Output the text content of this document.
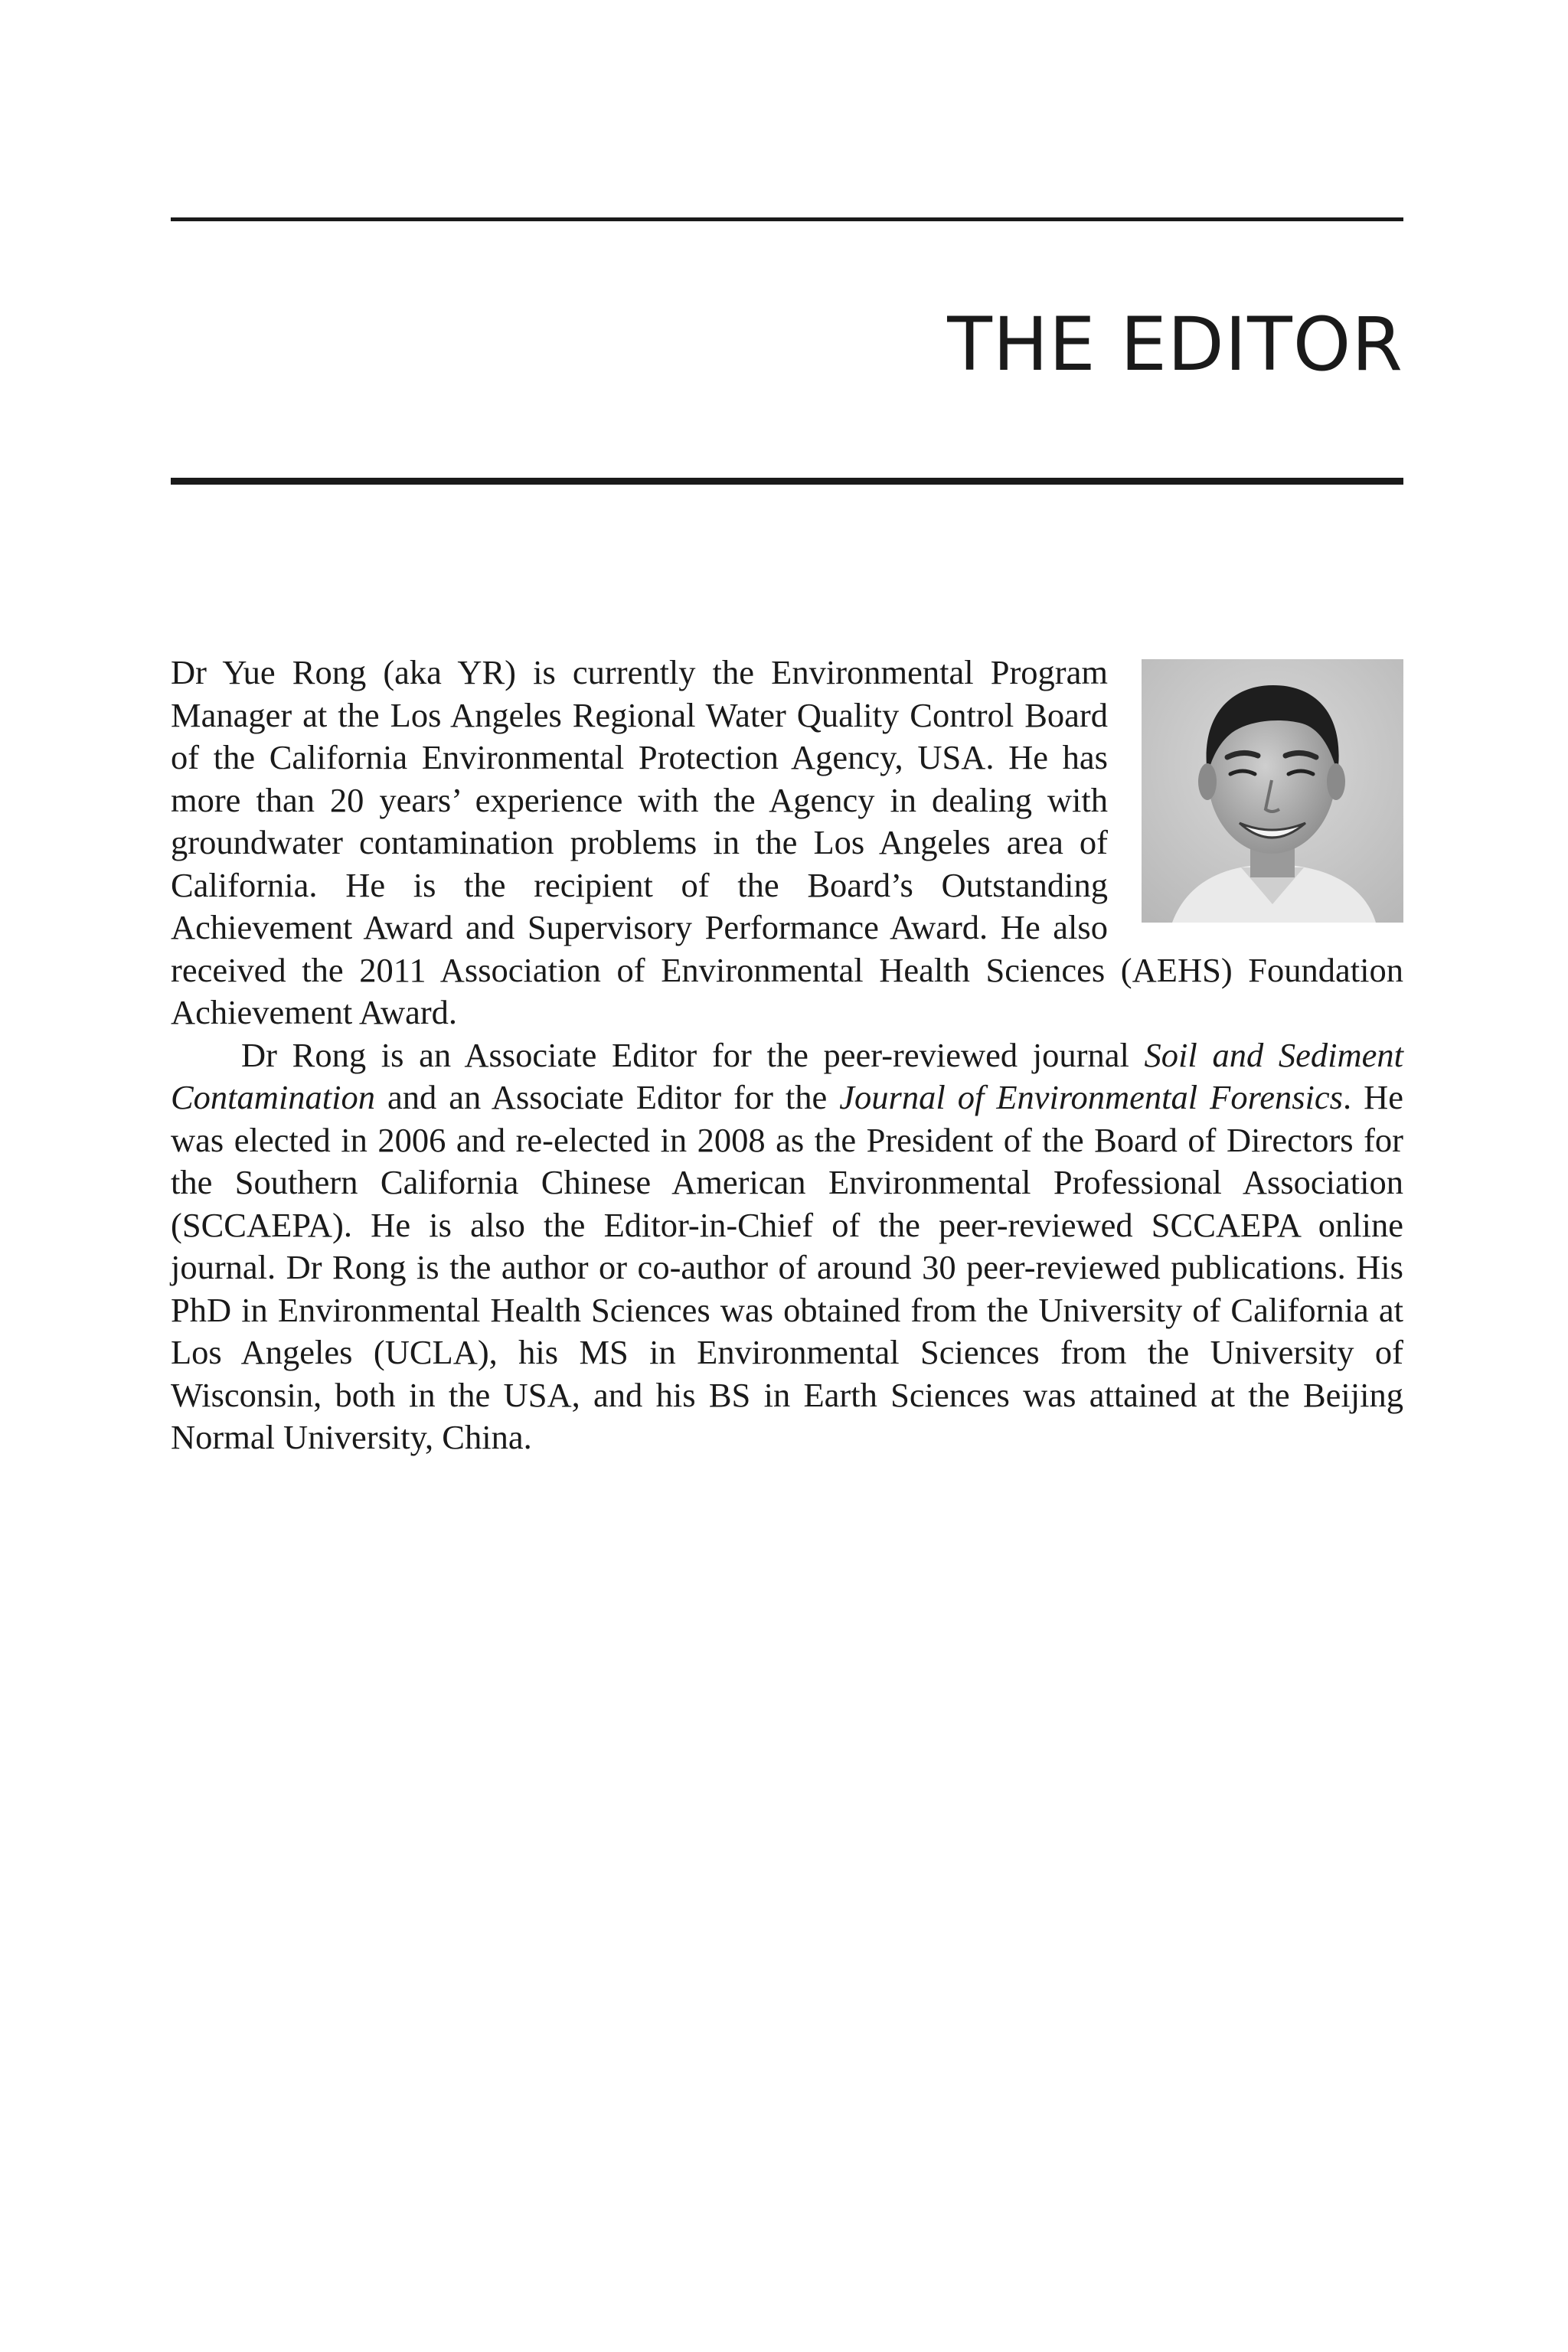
THE EDITOR

Dr Yue Rong (aka YR) is currently the Environmental Program Manager at the Los Angeles Regional Water Quality Control Board of the California Environmental Protection Agency, USA. He has more than 20 years’ experience with the Agency in dealing with groundwater contamination problems in the Los Angeles area of California. He is the recipient of the Board’s Outstanding Achievement Award and Supervisory Performance Award. He also received the 2011 Association of Environmental Health Sciences (AEHS) Foundation Achievement Award.

Dr Rong is an Associate Editor for the peer-reviewed journal Soil and Sediment Contamination and an Associate Editor for the Journal of Environmental Forensics. He was elected in 2006 and re-elected in 2008 as the President of the Board of Directors for the Southern California Chinese American Environmental Professional Association (SCCAEPA). He is also the Editor-in-Chief of the peer-reviewed SCCAEPA online journal. Dr Rong is the author or co-author of around 30 peer-reviewed publications. His PhD in Environmental Health Sciences was obtained from the University of California at Los Angeles (UCLA), his MS in Environmental Sciences from the University of Wisconsin, both in the USA, and his BS in Earth Sciences was attained at the Beijing Normal University, China.
